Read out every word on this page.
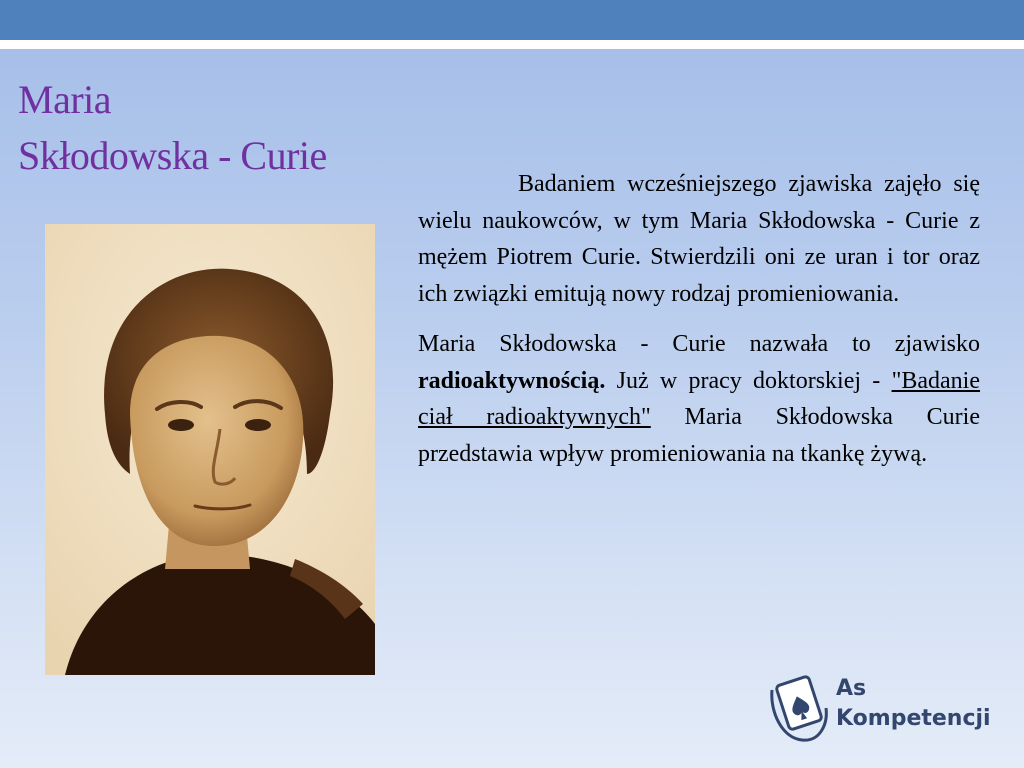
Maria
Skłodowska - Curie

Badaniem wcześniejszego zjawiska zajęło się wielu naukowców, w tym Maria Skłodowska - Curie z mężem Piotrem Curie. Stwierdzili oni ze uran i tor oraz ich związki emitują nowy rodzaj promieniowania.

Maria Skłodowska - Curie nazwała to zjawisko radioaktywnością. Już w pracy doktorskiej - "Badanie ciał radioaktywnych" Maria Skłodowska Curie przedstawia wpływ promieniowania na tkankę żywą.

As
Kompetencji
